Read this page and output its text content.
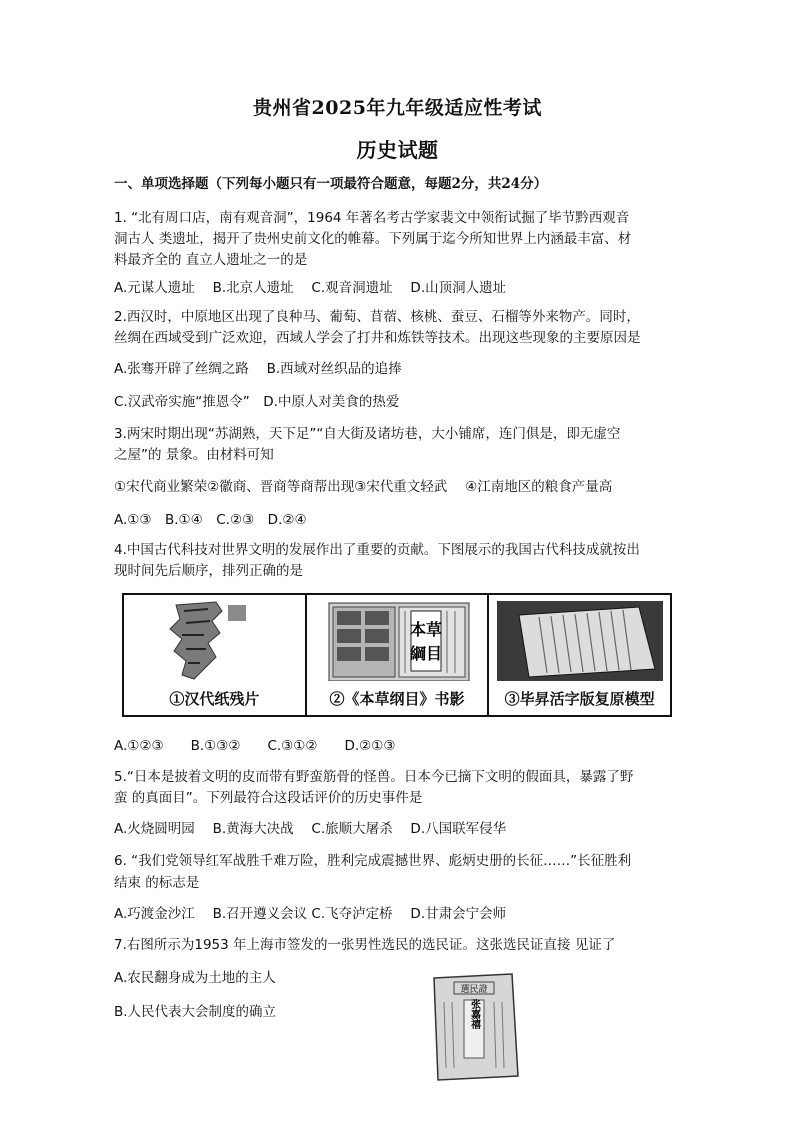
贵州省2025年九年级适应性考试
历史试题
一、单项选择题（下列每小题只有一项最符合题意，每题2分，共24分）
1. “北有周口店，南有观音洞”，1964 年著名考古学家裴文中领衔试掘了毕节黔西观音
洞古人 类遗址，揭开了贵州史前文化的帷幕。下列属于迄今所知世界上内涵最丰富、材
料最齐全的 直立人遗址之一的是
A.元谋人遗址　 B.北京人遗址　 C.观音洞遗址　 D.山顶洞人遗址
2.西汉时，中原地区出现了良种马、葡萄、苜蓿、核桃、蚕豆、石榴等外来物产。同时，
丝绸在西域受到广泛欢迎，西域人学会了打井和炼铁等技术。出现这些现象的主要原因是
A.张骞开辟了丝绸之路　 B.西域对丝织品的追捧
C.汉武帝实施“推恩令”　D.中原人对美食的热爱
3.两宋时期出现“苏湖熟，天下足”“自大街及诸坊巷，大小铺席，连门俱是，即无虚空
之屋”的 景象。由材料可知
①宋代商业繁荣②徽商、晋商等商帮出现③宋代重文轻武　 ④江南地区的粮食产量高
A.①③　B.①④　C.②③　D.②④
4.中国古代科技对世界文明的发展作出了重要的贡献。下图展示的我国古代科技成就按出
现时间先后顺序，排列正确的是
①汉代纸残片
本草
綱目
②《本草纲目》书影	③毕昇活字版复原模型
A.①②③　　B.①③②　　C.③①②　　D.②①③
5.“日本是披着文明的皮而带有野蛮筋骨的怪兽。日本今已摘下文明的假面具，暴露了野
蛮 的真面目”。下列最符合这段话评价的历史事件是
A.火烧圆明园　 B.黄海大决战　 C.旅顺大屠杀　 D.八国联军侵华
6. “我们党领导红军战胜千难万险，胜利完成震撼世界、彪炳史册的长征……”长征胜利
结束 的标志是
A.巧渡金沙江　 B.召开遵义会议 C.飞夺泸定桥　 D.甘肃会宁会师
7.右图所示为1953 年上海市签发的一张男性选民的选民证。这张选民证直接 见证了
A.农民翻身成为土地的主人
B.人民代表大会制度的确立
選民證
张嘉禧
